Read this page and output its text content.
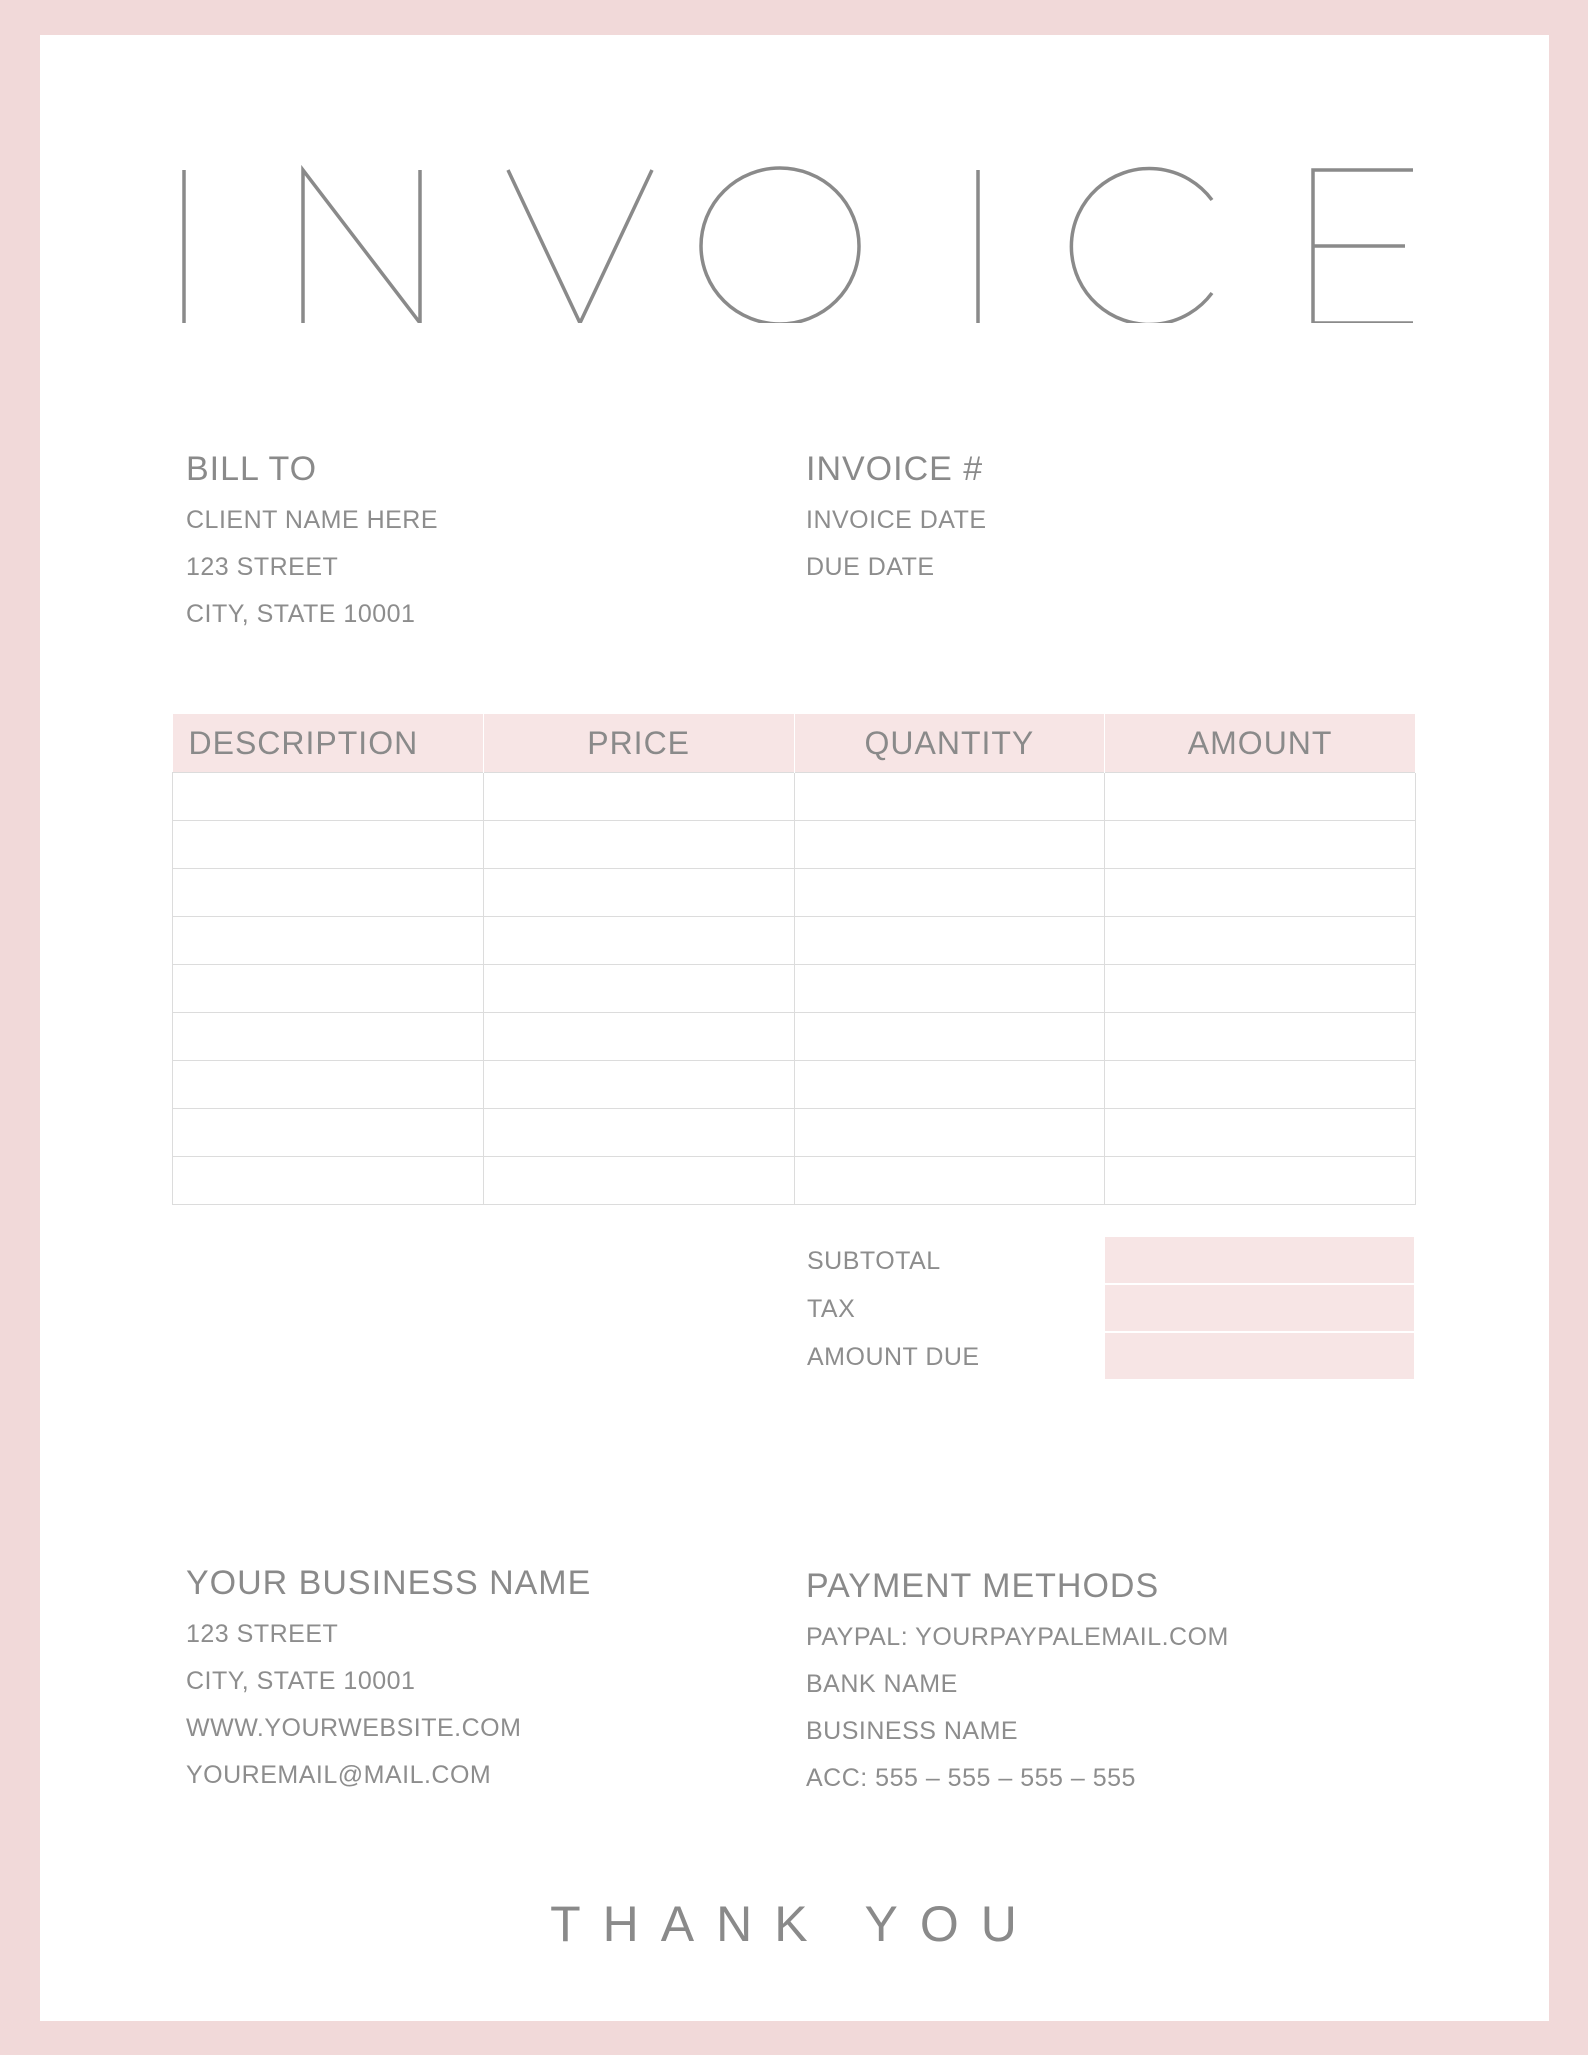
BILL TO

CLIENT NAME HERE
123 STREET
CITY, STATE 10001

INVOICE #

INVOICE DATE
DUE DATE
DESCRIPTION	PRICE	QUANTITY	AMOUNT

SUBTOTAL
TAX
AMOUNT DUE

YOUR BUSINESS NAME

123 STREET
CITY, STATE 10001
WWW.YOURWEBSITE.COM
YOUREMAIL@MAIL.COM

PAYMENT METHODS

PAYPAL: YOURPAYPALEMAIL.COM
BANK NAME
BUSINESS NAME
ACC: 555 – 555 – 555 – 555
THANK YOU
